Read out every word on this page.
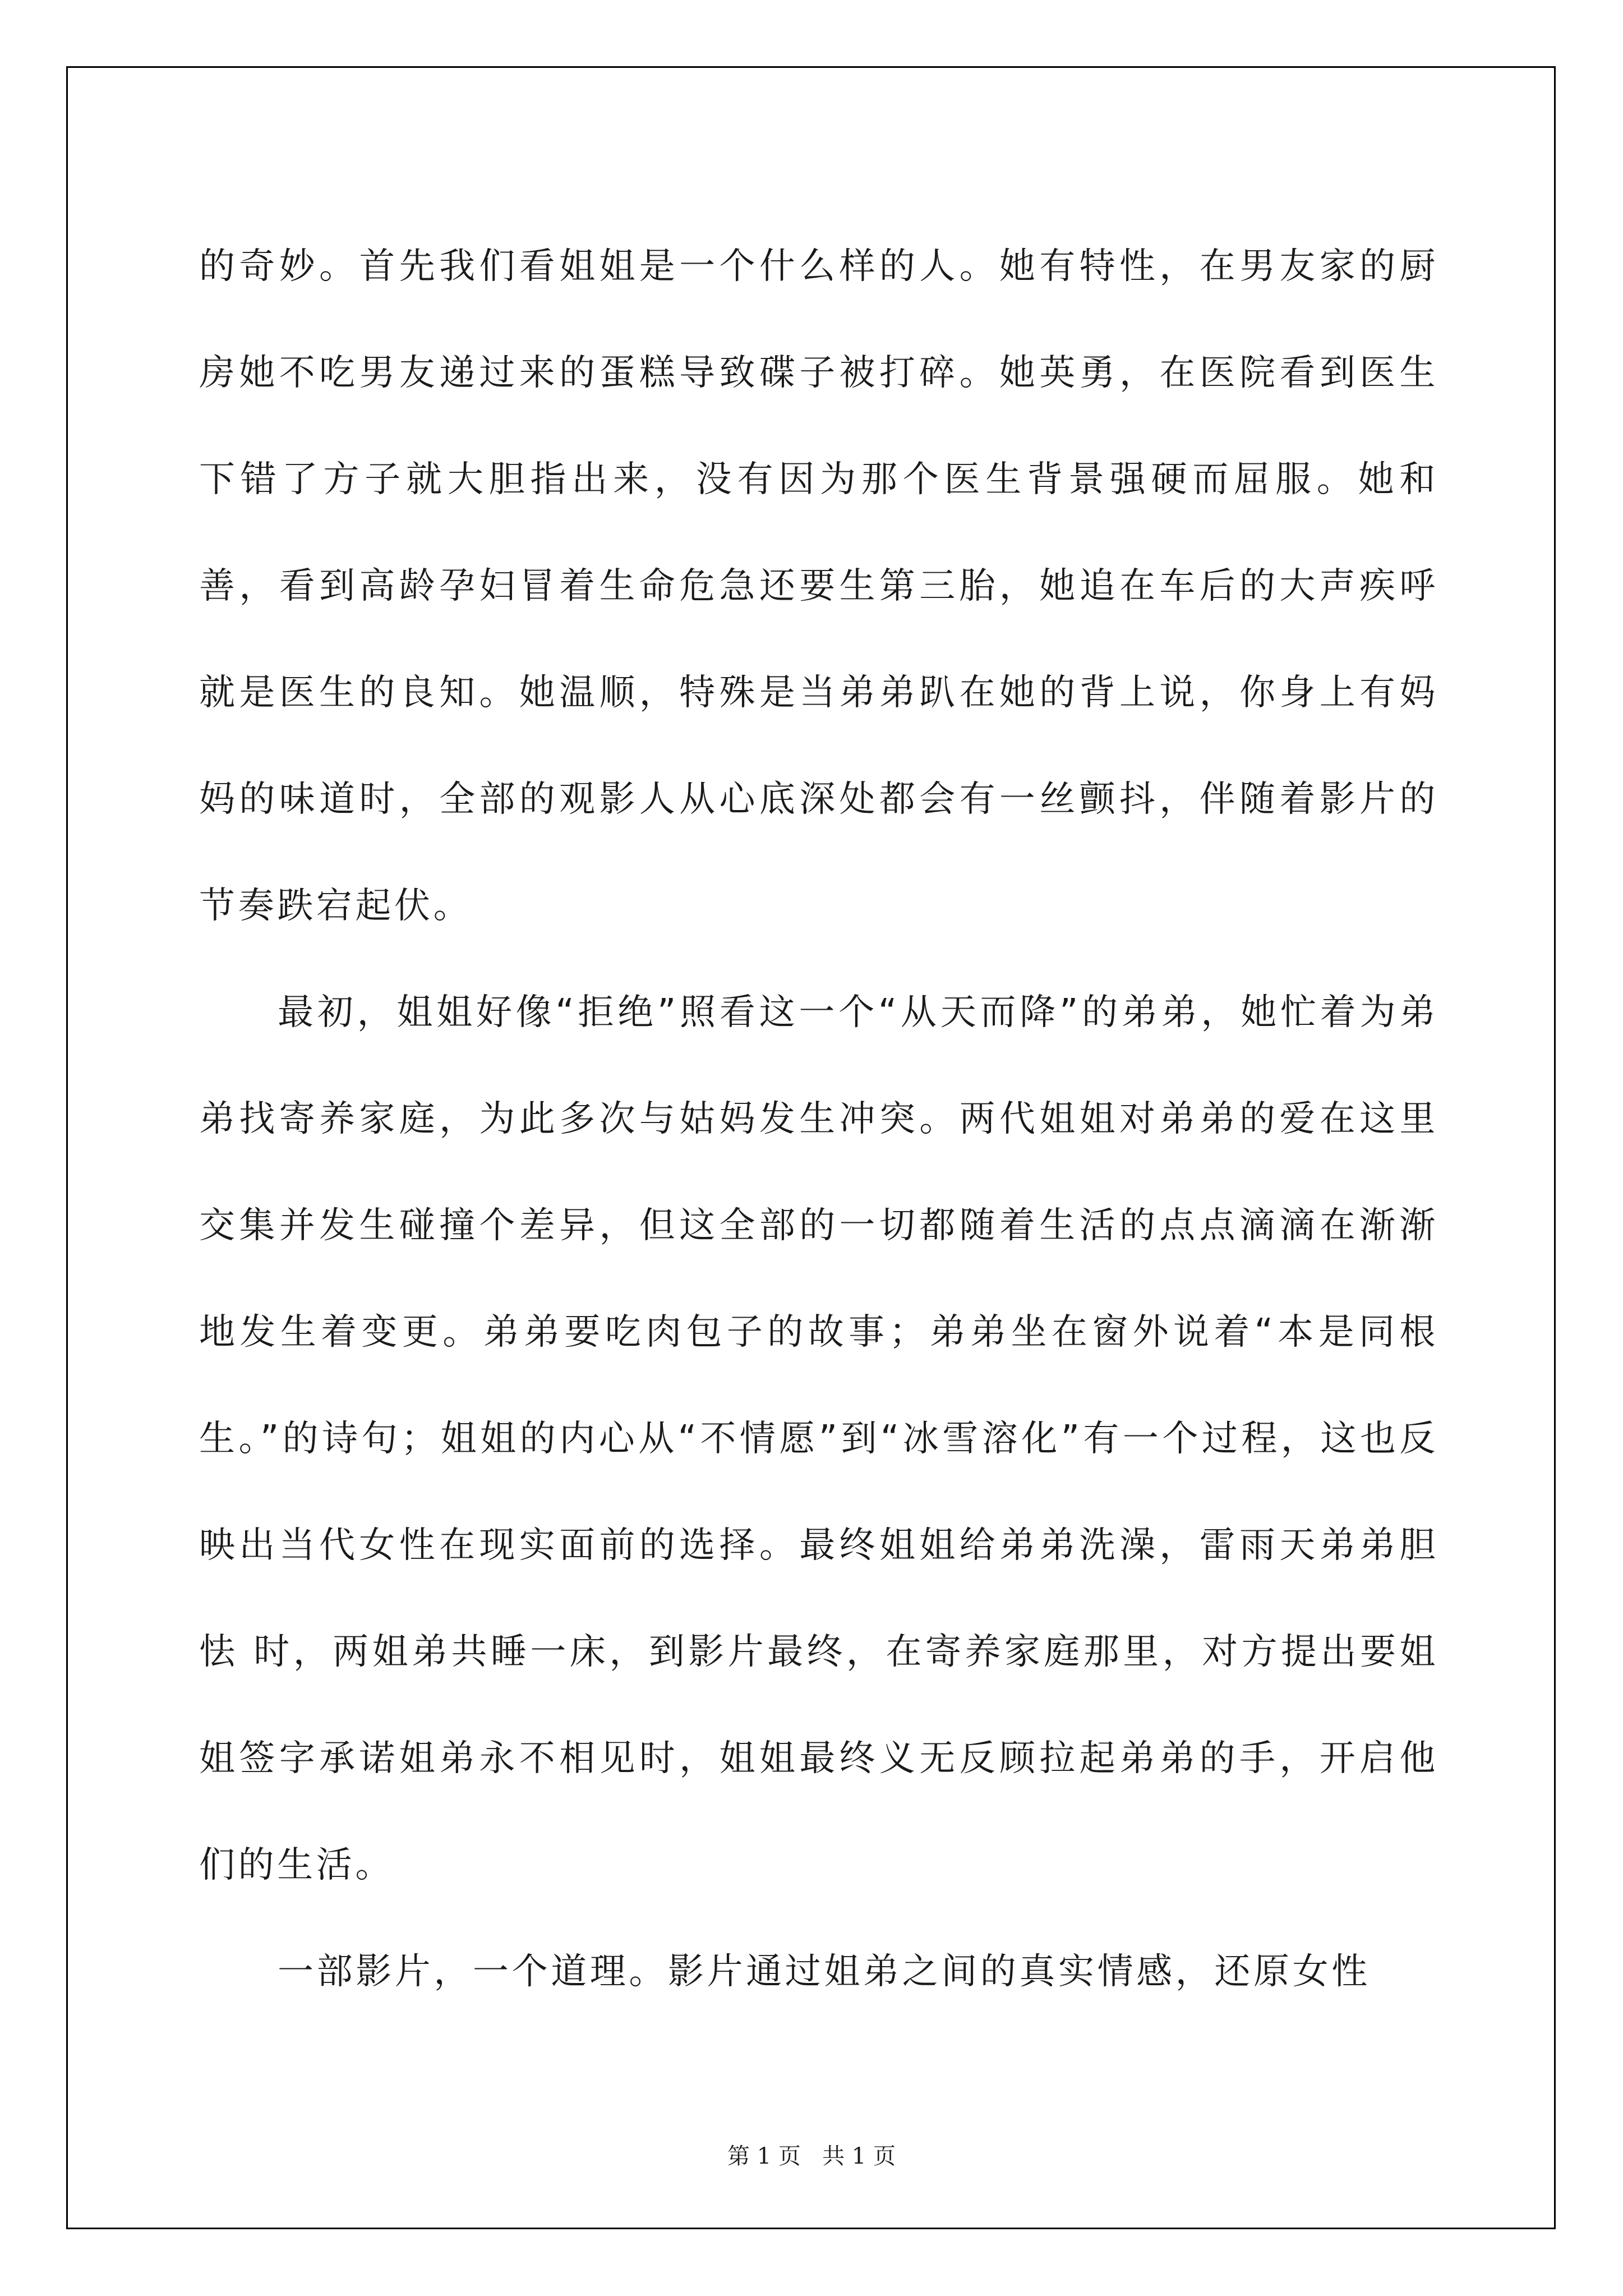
的奇妙。首先我们看姐姐是一个什么样的人。她有特性，在男友家的厨房她不吃男友递过来的蛋糕导致碟子被打碎。她英勇，在医院看到医生下错了方子就大胆指出来，没有因为那个医生背景强硬而屈服。她和善，看到高龄孕妇冒着生命危急还要生第三胎，她追在车后的大声疾呼就是医生的良知。她温顺，特殊是当弟弟趴在她的背上说，你身上有妈妈的味道时，全部的观影人从心底深处都会有一丝颤抖，伴随着影片的节奏跌宕起伏。

最初，姐姐好像“拒绝”照看这一个“从天而降”的弟弟，她忙着为弟弟找寄养家庭，为此多次与姑妈发生冲突。两代姐姐对弟弟的爱在这里交集并发生碰撞个差异，但这全部的一切都随着生活的点点滴滴在渐渐地发生着变更。弟弟要吃肉包子的故事；弟弟坐在窗外说着“本是同根生。”的诗句；姐姐的内心从“不情愿”到“冰雪溶化”有一个过程，这也反映出当代女性在现实面前的选择。最终姐姐给弟弟洗澡，雷雨天弟弟胆怯 时，两姐弟共睡一床，到影片最终，在寄养家庭那里，对方提出要姐姐签字承诺姐弟永不相见时，姐姐最终义无反顾拉起弟弟的手，开启他们的生活。

一部影片，一个道理。影片通过姐弟之间的真实情感，还原女性

第 1 页   共 1 页
